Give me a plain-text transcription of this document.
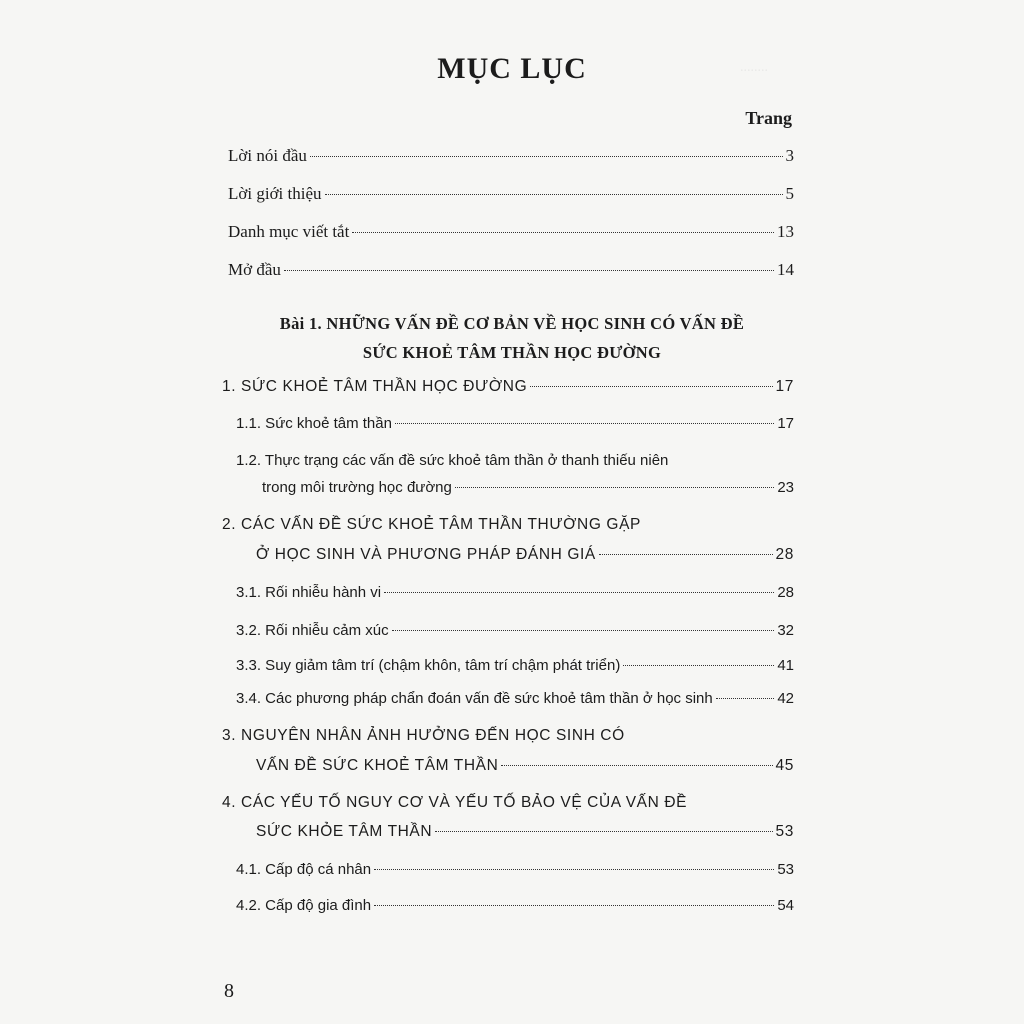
........
MỤC LỤC
Trang
Lời nói đầu	3
Lời giới thiệu	5
Danh mục viết tắt	13
Mở đầu	14
Bài 1. NHỮNG VẤN ĐỀ CƠ BẢN VỀ HỌC SINH CÓ VẤN ĐỀ
SỨC KHOẺ TÂM THẦN HỌC ĐƯỜNG
1. SỨC KHOẺ TÂM THẦN HỌC ĐƯỜNG	17
1.1. Sức khoẻ tâm thần	17
1.2. Thực trạng các vấn đề sức khoẻ tâm thần ở thanh thiếu niên
trong môi trường học đường	23
2. CÁC VẤN ĐỀ SỨC KHOẺ TÂM THẦN THƯỜNG GẶP
Ở HỌC SINH VÀ PHƯƠNG PHÁP ĐÁNH GIÁ	28
3.1. Rối nhiễu hành vi	28
3.2. Rối nhiễu cảm xúc	32
3.3. Suy giảm tâm trí (chậm khôn, tâm trí chậm phát triển)	41
3.4. Các phương pháp chẩn đoán vấn đề sức khoẻ tâm thần ở học sinh	42
3. NGUYÊN NHÂN ẢNH HƯỞNG ĐẾN HỌC SINH CÓ
VẤN ĐỀ SỨC KHOẺ TÂM THẦN	45
4. CÁC YẾU TỐ NGUY CƠ VÀ YẾU TỐ BẢO VỆ CỦA VẤN ĐỀ
SỨC KHỎE TÂM THẦN	53
4.1. Cấp độ cá nhân	53
4.2. Cấp độ gia đình	54
8
